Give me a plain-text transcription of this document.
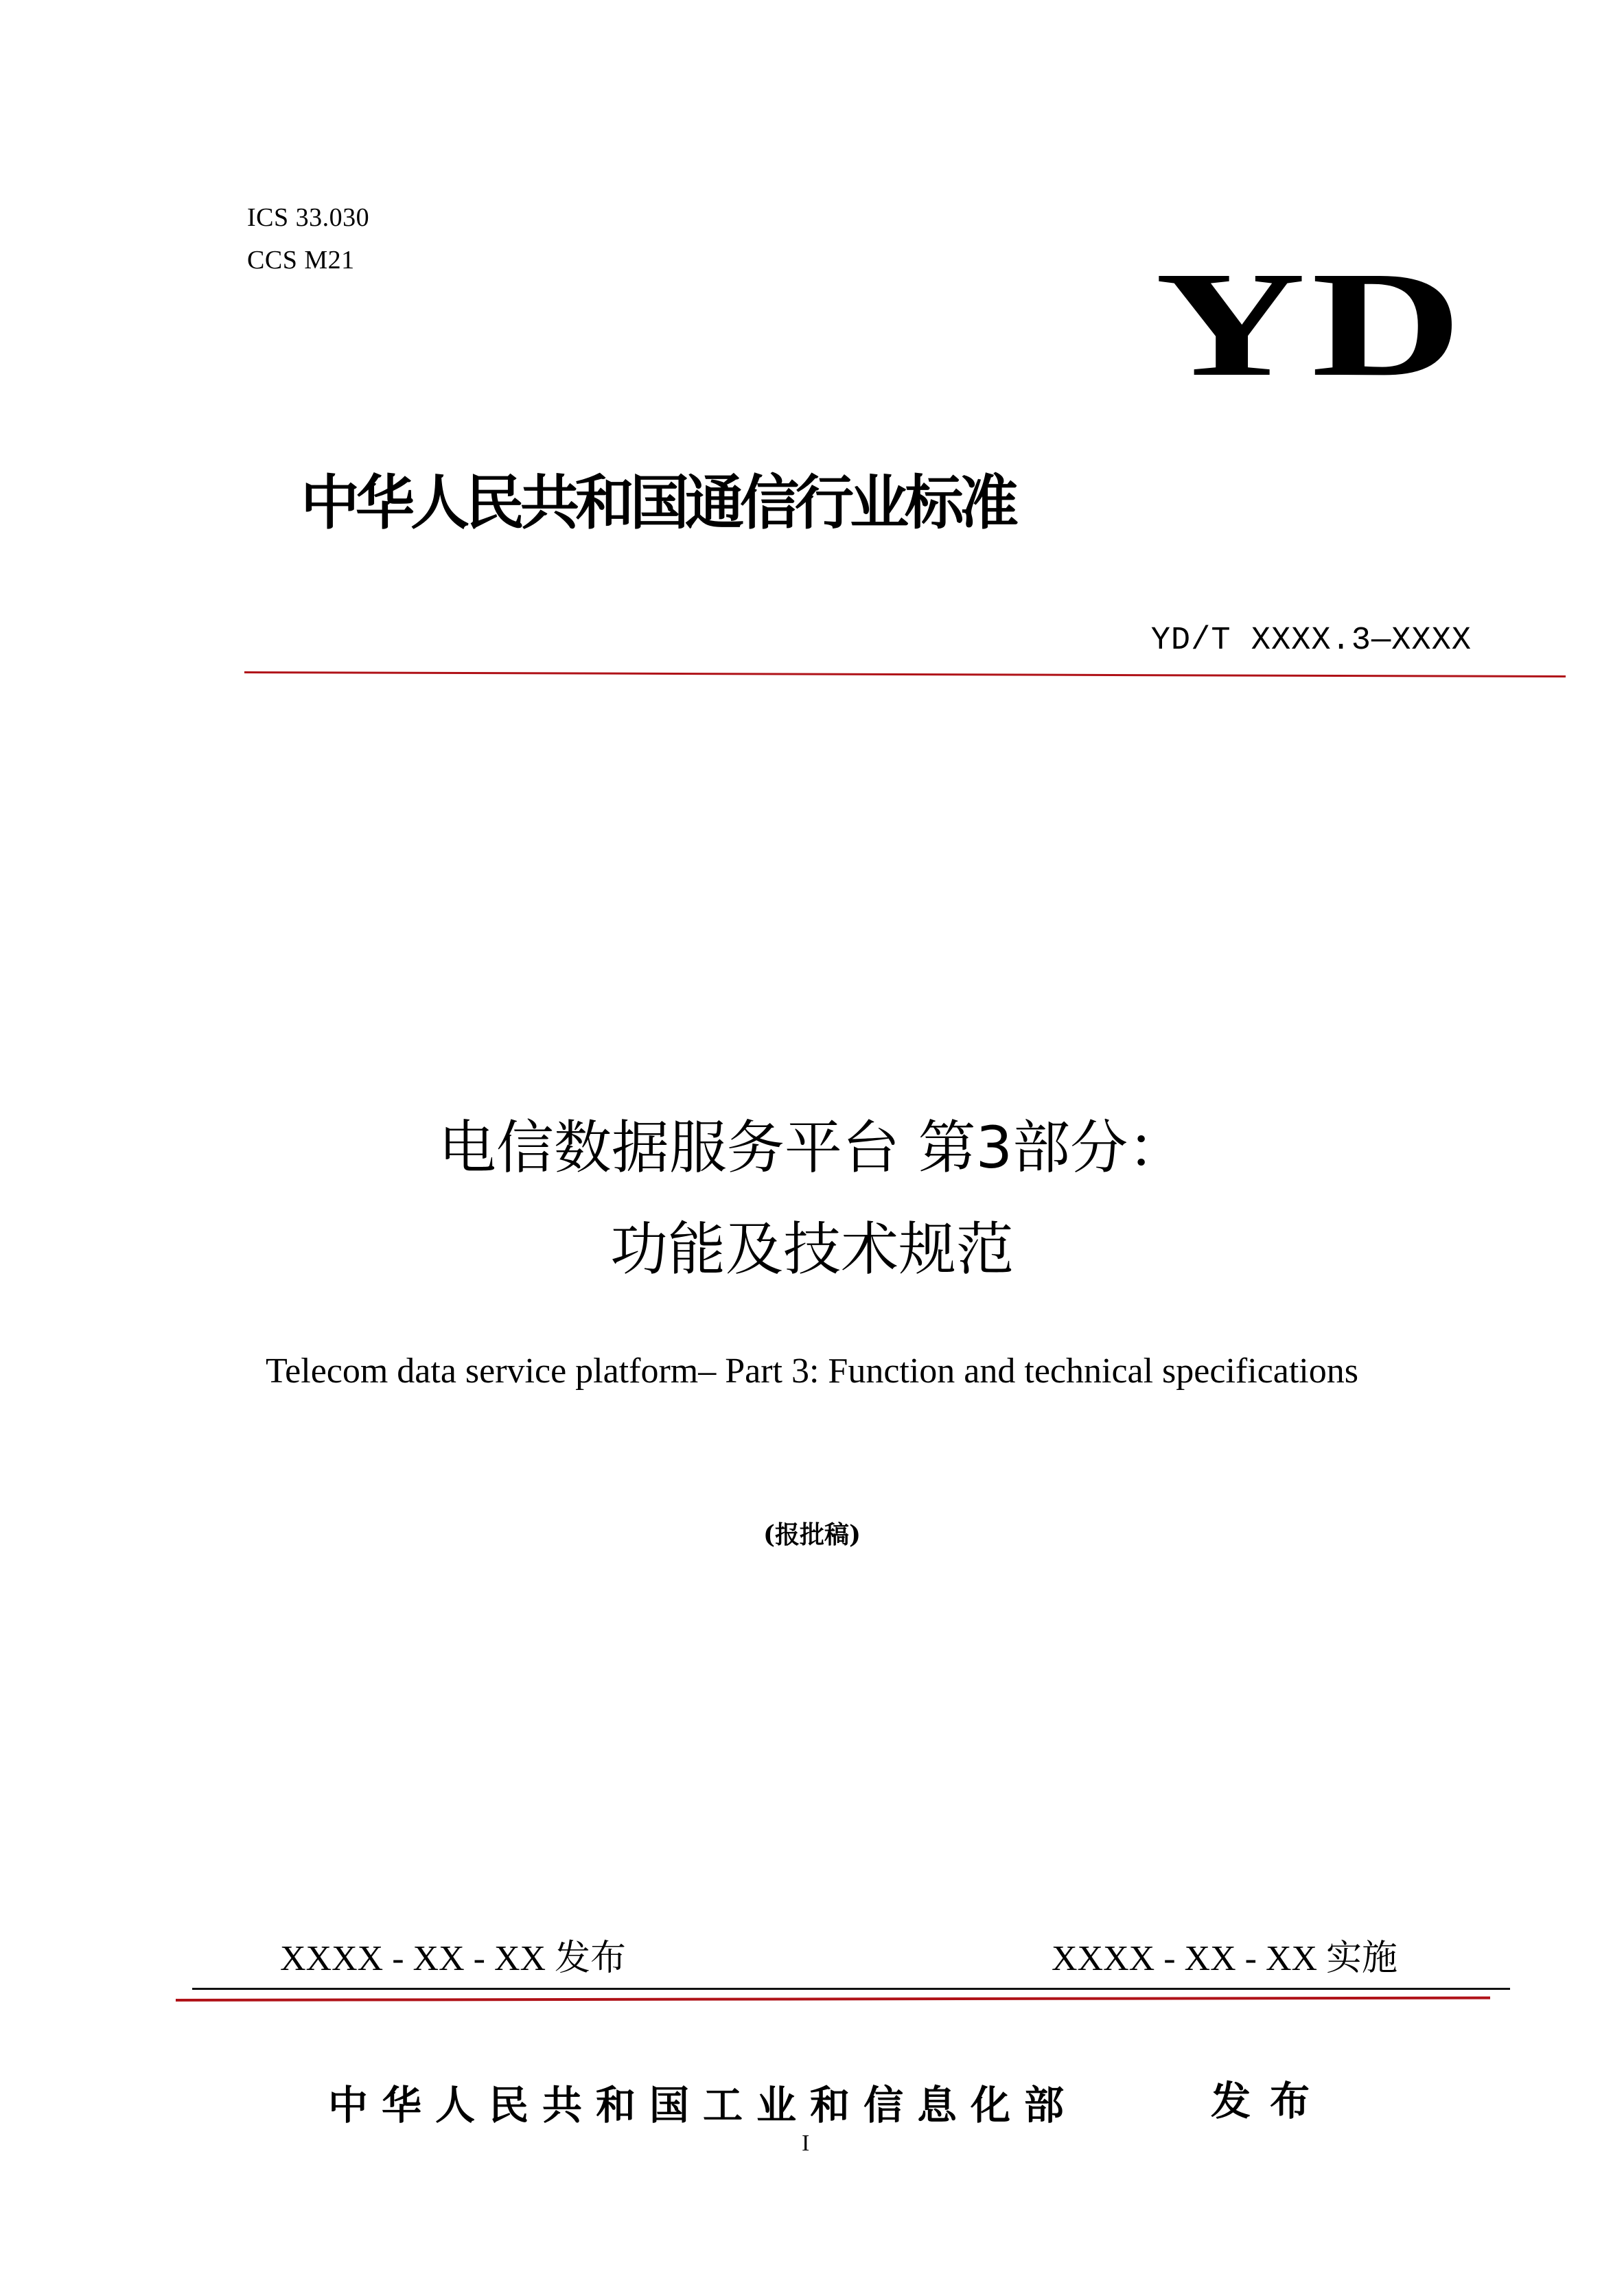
ICS 33.030
CCS M21	YD
中华人民共和国通信行业标准
YD/T XXXX.3—XXXX
电信数据服务平台 第3部分：
功能及技术规范
Telecom data service platform– Part 3: Function and technical specifications
(报批稿)
XXXX - XX - XX 发布	XXXX - XX - XX 实施
中华人民共和国工业和信息化部	发布
I
